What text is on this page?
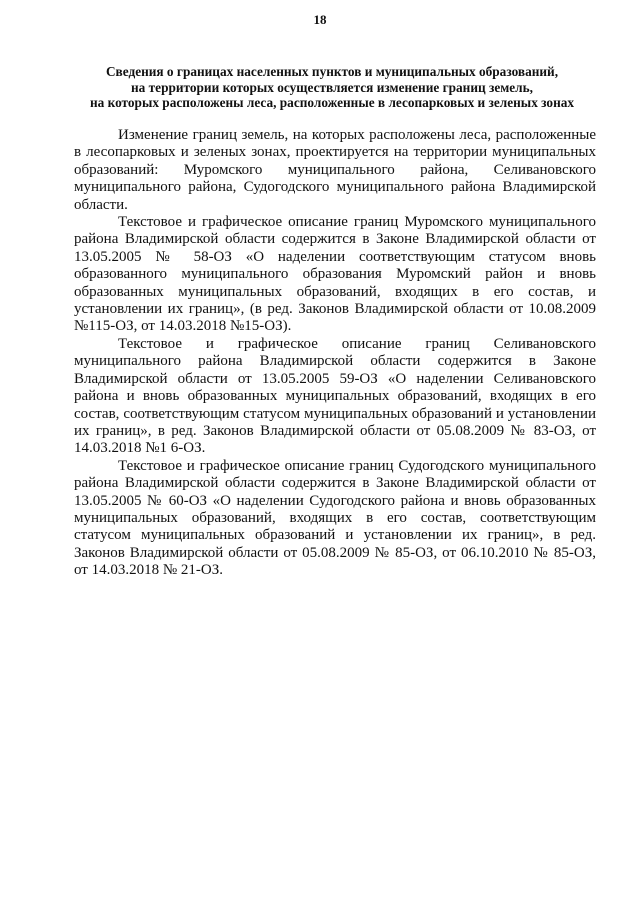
18
Сведения о границах населенных пунктов и муниципальных образований,
на территории которых осуществляется изменение границ земель,
на которых расположены леса, расположенные в лесопарковых и зеленых зонах

Изменение границ земель, на которых расположены леса, расположенные в лесопарковых и зеленых зонах, проектируется на территории муниципальных образований: Муромского муниципального района, Селивановского муниципального района, Судогодского муниципального района Владимирской области.

Текстовое и графическое описание границ Муромского муниципального района Владимирской области содержится в Законе Владимирской области от 13.05.2005 № 58-ОЗ «О наделении соответствующим статусом вновь образованного муниципального образования Муромский район и вновь образованных муниципальных образований, входящих в его состав, и установлении их границ», (в ред. Законов Владимирской области от 10.08.2009 №115-ОЗ, от 14.03.2018 №15-ОЗ).

Текстовое и графическое описание границ Селивановского муниципального района Владимирской области содержится в Законе Владимирской области от 13.05.2005 59-ОЗ «О наделении Селивановского района и вновь образованных муниципальных образований, входящих в его состав, соответствующим статусом муниципальных образований и установлении их границ», в ред. Законов Владимирской области от 05.08.2009 № 83-ОЗ, от 14.03.2018 №1 6-ОЗ.

Текстовое и графическое описание границ Судогодского муниципального района Владимирской области содержится в Законе Владимирской области от 13.05.2005 № 60-ОЗ «О наделении Судогодского района и вновь образованных муниципальных образований, входящих в его состав, соответствующим статусом муниципальных образований и установлении их границ», в ред. Законов Владимирской области от 05.08.2009 № 85-ОЗ, от 06.10.2010 № 85-ОЗ, от 14.03.2018 № 21-ОЗ.
